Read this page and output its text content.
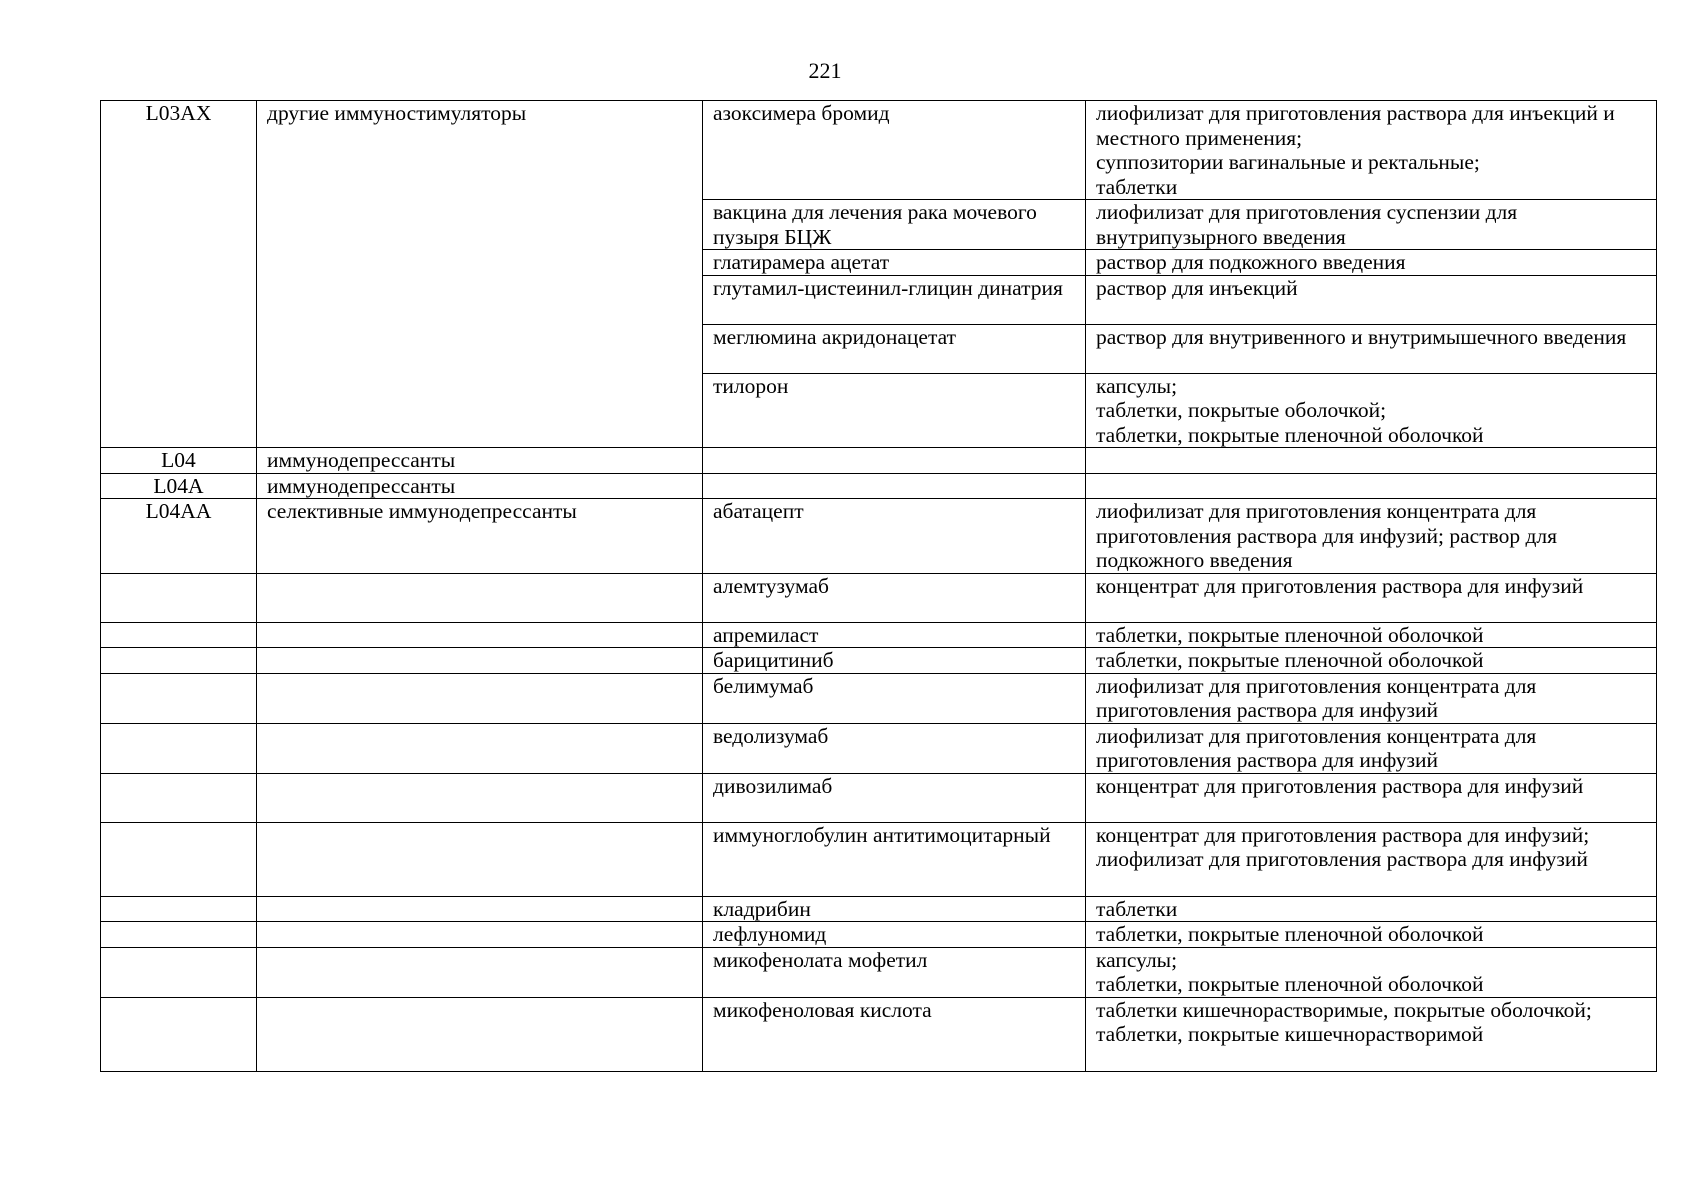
221
L03AX	другие иммуностимуляторы	азоксимера бромид	лиофилизат для приготовления раствора для инъекций и местного применения;
суппозитории вагинальные и ректальные;
таблетки
		вакцина для лечения рака мочевого пузыря БЦЖ	лиофилизат для приготовления суспензии для внутрипузырного введения
		глатирамера ацетат	раствор для подкожного введения
		глутамил-цистеинил-глицин динатрия	раствор для инъекций
		меглюмина акридонацетат	раствор для внутривенного и внутримышечного введения
		тилорон	капсулы;
таблетки, покрытые оболочкой;
таблетки, покрытые пленочной оболочкой
L04	иммунодепрессанты		
L04A	иммунодепрессанты		
L04AA	селективные иммунодепрессанты	абатацепт	лиофилизат для приготовления концентрата для приготовления раствора для инфузий; раствор для подкожного введения
		алемтузумаб	концентрат для приготовления раствора для инфузий
		апремиласт	таблетки, покрытые пленочной оболочкой
		барицитиниб	таблетки, покрытые пленочной оболочкой
		белимумаб	лиофилизат для приготовления концентрата для приготовления раствора для инфузий
		ведолизумаб	лиофилизат для приготовления концентрата для приготовления раствора для инфузий
		дивозилимаб	концентрат для приготовления раствора для инфузий
		иммуноглобулин антитимоцитарный	концентрат для приготовления раствора для инфузий; лиофилизат для приготовления раствора для инфузий
		кладрибин	таблетки
		лефлуномид	таблетки, покрытые пленочной оболочкой
		микофенолата мофетил	капсулы;
таблетки, покрытые пленочной оболочкой
		микофеноловая кислота	таблетки кишечнорастворимые, покрытые оболочкой;
таблетки, покрытые кишечнорастворимой
